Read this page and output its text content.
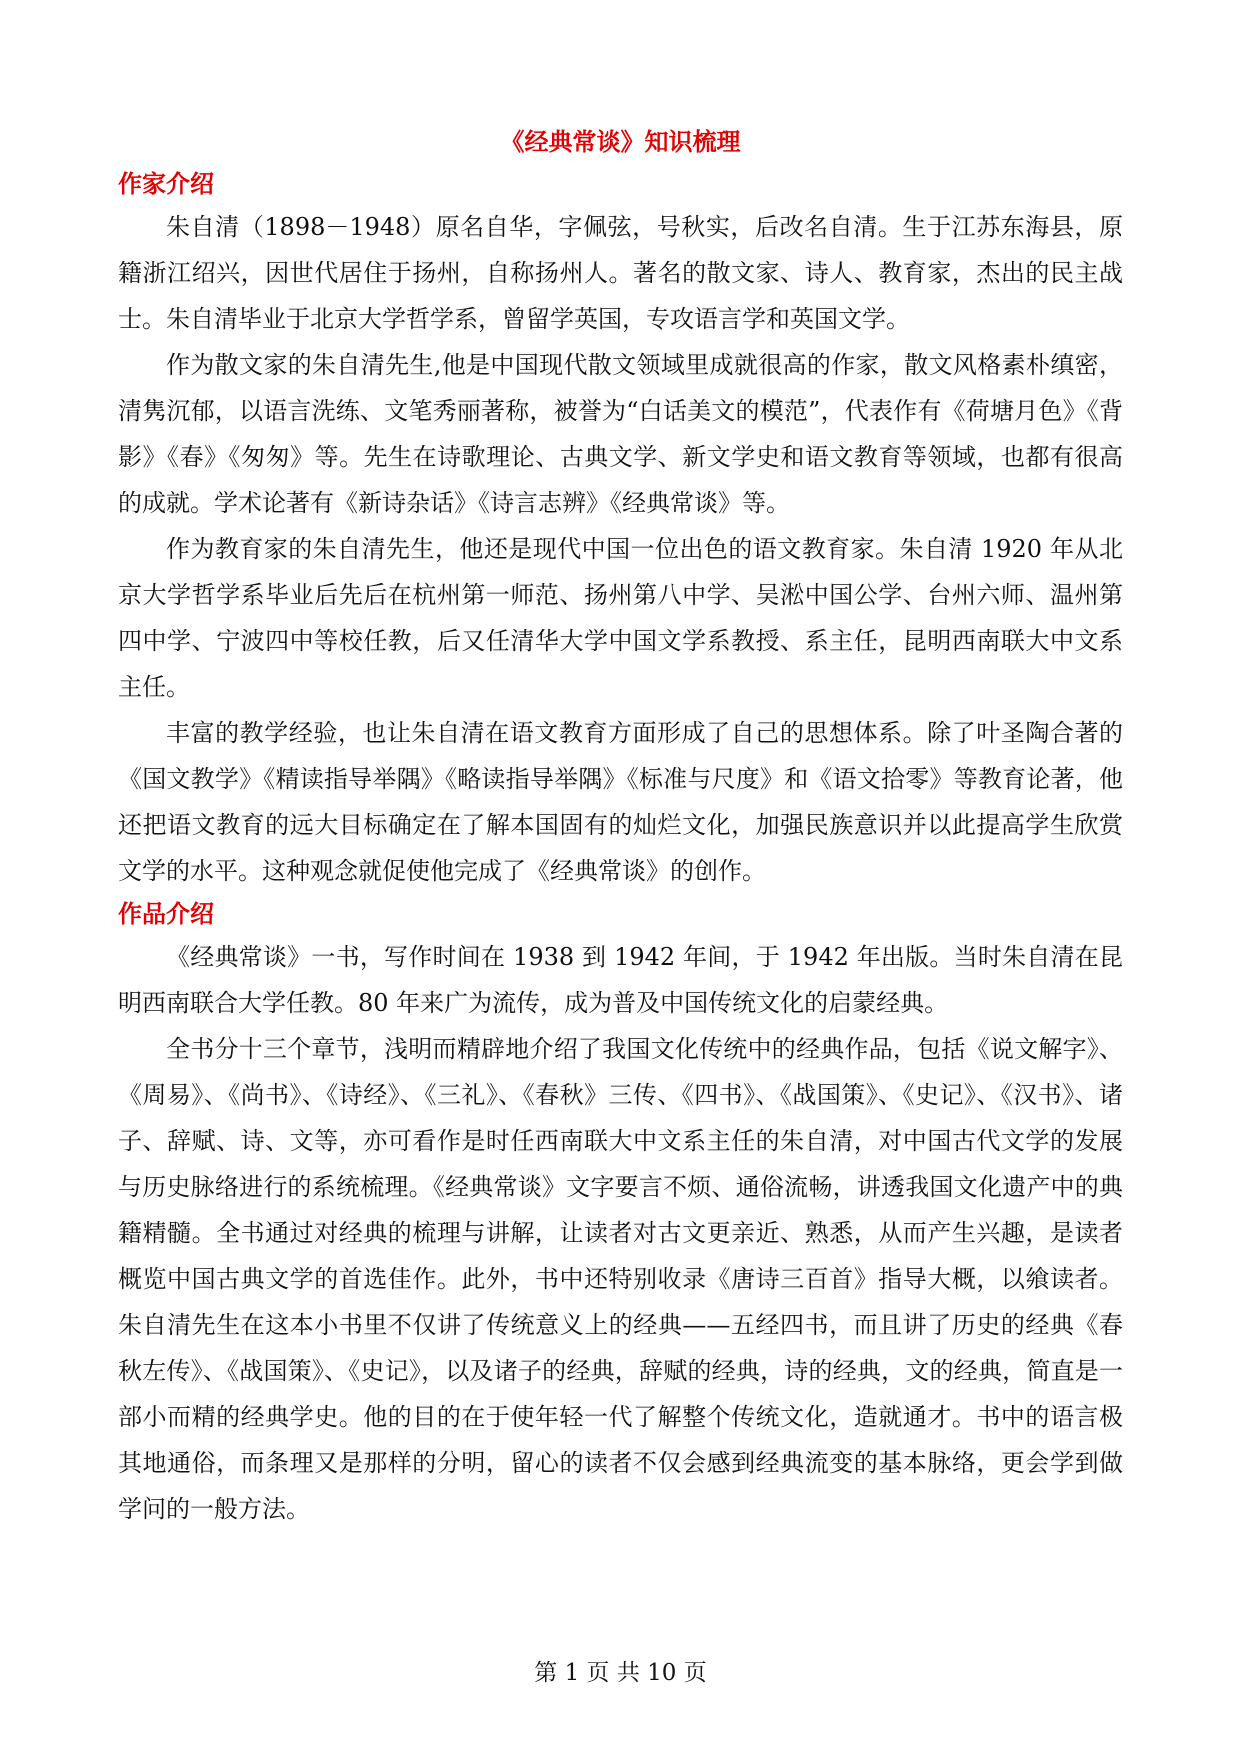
《经典常谈》知识梳理
作家介绍

朱自清（1898－1948）原名自华，字佩弦，号秋实，后改名自清。生于江苏东海县，原籍浙江绍兴，因世代居住于扬州，自称扬州人。著名的散文家、诗人、教育家，杰出的民主战士。朱自清毕业于北京大学哲学系，曾留学英国，专攻语言学和英国文学。

作为散文家的朱自清先生,他是中国现代散文领域里成就很高的作家，散文风格素朴缜密，清隽沉郁，以语言洗练、文笔秀丽著称，被誉为“白话美文的模范”，代表作有《荷塘月色》《背影》《春》《匆匆》等。先生在诗歌理论、古典文学、新文学史和语文教育等领域，也都有很高的成就。学术论著有《新诗杂话》《诗言志辨》《经典常谈》等。

作为教育家的朱自清先生，他还是现代中国一位出色的语文教育家。朱自清 1920 年从北京大学哲学系毕业后先后在杭州第一师范、扬州第八中学、吴淞中国公学、台州六师、温州第四中学、宁波四中等校任教，后又任清华大学中国文学系教授、系主任，昆明西南联大中文系主任。

丰富的教学经验，也让朱自清在语文教育方面形成了自己的思想体系。除了叶圣陶合著的《国文教学》《精读指导举隅》《略读指导举隅》《标准与尺度》和《语文拾零》等教育论著，他还把语文教育的远大目标确定在了解本国固有的灿烂文化，加强民族意识并以此提高学生欣赏文学的水平。这种观念就促使他完成了《经典常谈》的创作。

作品介绍

《经典常谈》一书，写作时间在 1938 到 1942 年间，于 1942 年出版。当时朱自清在昆明西南联合大学任教。80 年来广为流传，成为普及中国传统文化的启蒙经典。

全书分十三个章节，浅明而精辟地介绍了我国文化传统中的经典作品，包括《说文解字》、《周易》、《尚书》、《诗经》、《三礼》、《春秋》三传、《四书》、《战国策》、《史记》、《汉书》、诸子、辞赋、诗、文等，亦可看作是时任西南联大中文系主任的朱自清，对中国古代文学的发展与历史脉络进行的系统梳理。《经典常谈》文字要言不烦、通俗流畅，讲透我国文化遗产中的典籍精髓。全书通过对经典的梳理与讲解，让读者对古文更亲近、熟悉，从而产生兴趣，是读者概览中国古典文学的首选佳作。此外，书中还特别收录《唐诗三百首》指导大概，以飨读者。朱自清先生在这本小书里不仅讲了传统意义上的经典——五经四书，而且讲了历史的经典《春秋左传》、《战国策》、《史记》，以及诸子的经典，辞赋的经典，诗的经典，文的经典，简直是一部小而精的经典学史。他的目的在于使年轻一代了解整个传统文化，造就通才。书中的语言极其地通俗，而条理又是那样的分明，留心的读者不仅会感到经典流变的基本脉络，更会学到做学问的一般方法。

第 1 页 共 10 页
